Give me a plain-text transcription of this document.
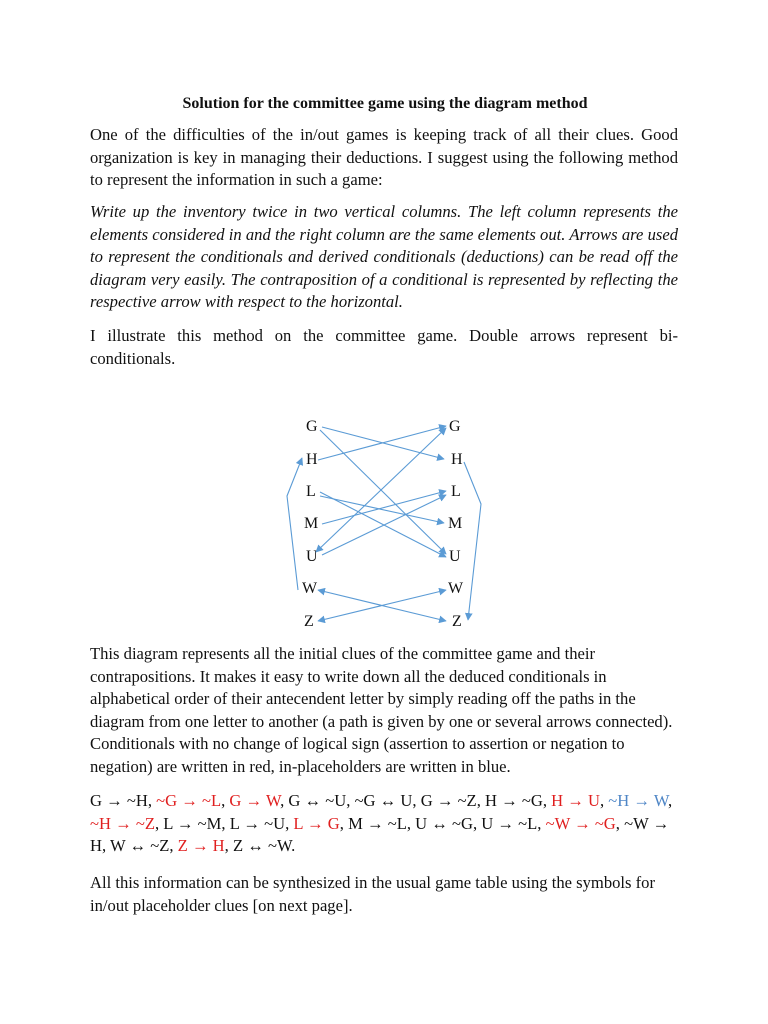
Solution for the committee game using the diagram method

One of the difficulties of the in/out games is keeping track of all their clues. Good organization is key in managing their deductions. I suggest using the following method to represent the information in such a game:

Write up the inventory twice in two vertical columns. The left column represents the elements considered in and the right column are the same elements out. Arrows are used to represent the conditionals and derived conditionals (deductions) can be read off the diagram very easily. The contraposition of a conditional is represented by reflecting the respective arrow with respect to the horizontal.

I illustrate this method on the committee game. Double arrows represent bi-conditionals.

G
H
L
M
U
W
Z
G
H
L
M
U
W
Z

This diagram represents all the initial clues of the committee game and their contrapositions. It makes it easy to write down all the deduced conditionals in alphabetical order of their antecendent letter by simply reading off the paths in the diagram from one letter to another (a path is given by one or several arrows connected). Conditionals with no change of logical sign (assertion to assertion or negation to negation) are written in red, in-placeholders are written in blue.

G → ~H, ~G → ~L, G → W, G ↔ ~U, ~G ↔ U, G → ~Z, H → ~G, H → U, ~H → W, ~H → ~Z, L → ~M, L → ~U, L → G, M → ~L, U ↔ ~G, U → ~L, ~W → ~G, ~W → H, W ↔ ~Z, Z → H, Z ↔ ~W.

All this information can be synthesized in the usual game table using the symbols for in/out placeholder clues [on next page].
